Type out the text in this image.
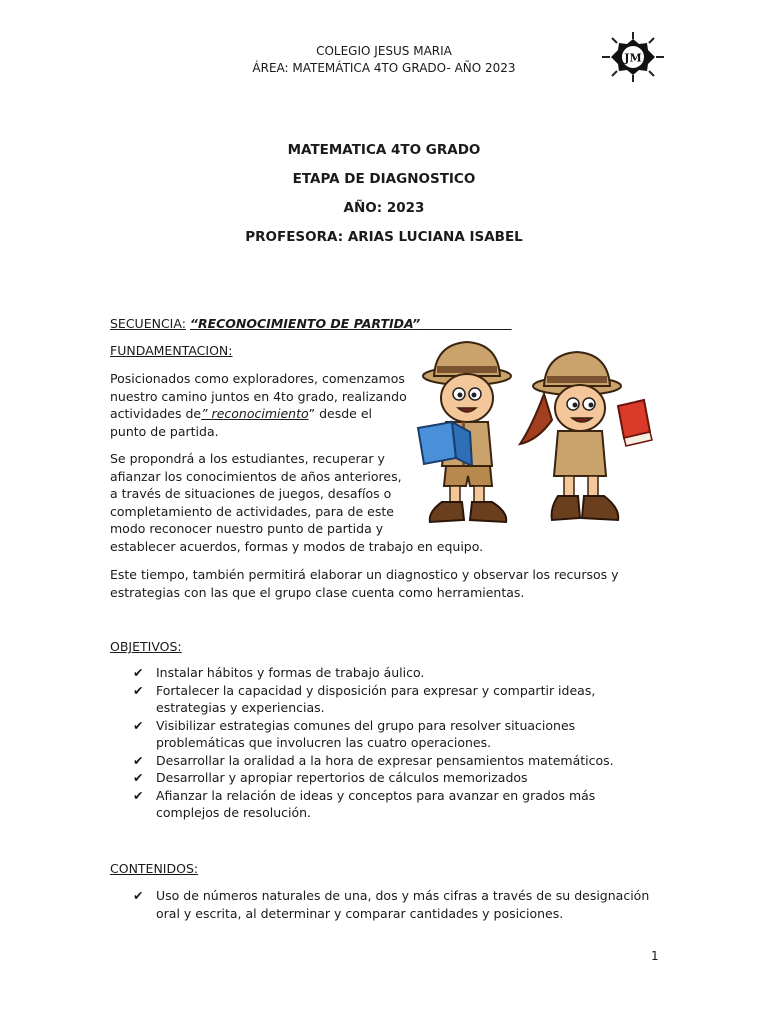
COLEGIO JESUS MARIA
ÁREA: MATEMÁTICA 4TO GRADO- AÑO 2023
JM
MATEMATICA 4TO GRADO
ETAPA DE DIAGNOSTICO
AÑO: 2023
PROFESORA: ARIAS LUCIANA ISABEL
SECUENCIA: “RECONOCIMIENTO DE PARTIDA”
FUNDAMENTACION:

Posicionados como exploradores, comenzamos nuestro camino juntos en 4to grado, realizando actividades de” reconocimiento” desde el punto de partida.

Se propondrá a los estudiantes, recuperar y afianzar los conocimientos de años anteriores, a través de situaciones de juegos, desafíos o completamiento de actividades, para de este modo reconocer nuestro punto de partida y

establecer acuerdos, formas y modos de trabajo en equipo.

Este tiempo, también permitirá elaborar un diagnostico y observar los recursos y estrategias con las que el grupo clase cuenta como herramientas.

OBJETIVOS:
✔ Instalar hábitos y formas de trabajo áulico.
✔ Fortalecer la capacidad y disposición para expresar y compartir ideas, estrategias y experiencias.
✔ Visibilizar estrategias comunes del grupo para resolver situaciones problemáticas que involucren las cuatro operaciones.
✔ Desarrollar la oralidad a la hora de expresar pensamientos matemáticos.
✔ Desarrollar y apropiar repertorios de cálculos memorizados
✔ Afianzar la relación de ideas y conceptos para avanzar en grados más complejos de resolución.
CONTENIDOS:
✔ Uso de números naturales de una, dos y más cifras a través de su designación oral y escrita, al determinar y comparar cantidades y posiciones.
1
